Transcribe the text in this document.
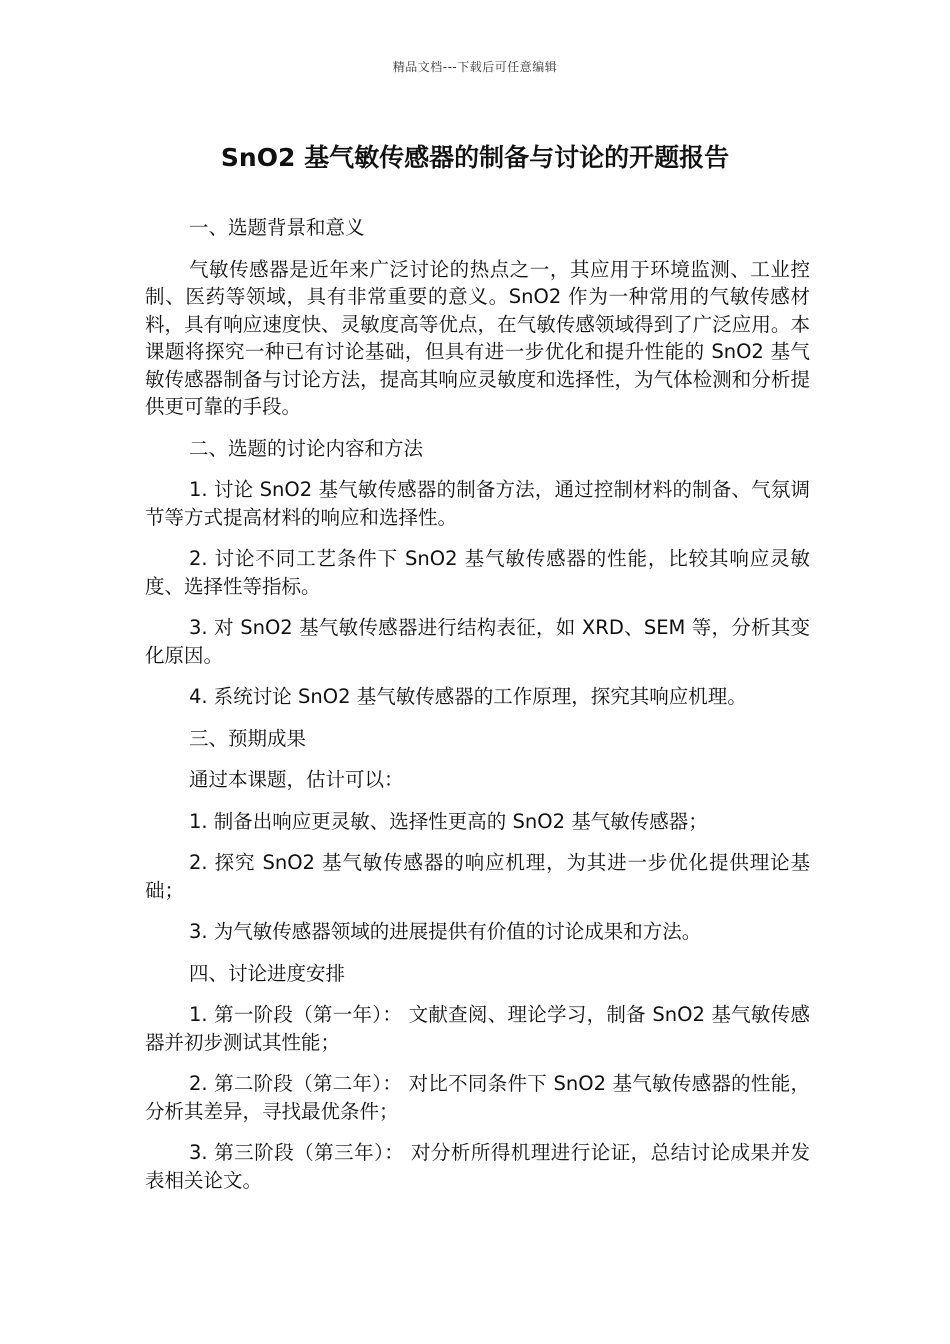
精品文档---下载后可任意编辑
SnO2 基气敏传感器的制备与讨论的开题报告

一、选题背景和意义

气敏传感器是近年来广泛讨论的热点之一，其应用于环境监测、工业控制、医药等领域，具有非常重要的意义。SnO2 作为一种常用的气敏传感材料，具有响应速度快、灵敏度高等优点，在气敏传感领域得到了广泛应用。本课题将探究一种已有讨论基础，但具有进一步优化和提升性能的 SnO2 基气敏传感器制备与讨论方法，提高其响应灵敏度和选择性，为气体检测和分析提供更可靠的手段。

二、选题的讨论内容和方法

1. 讨论 SnO2 基气敏传感器的制备方法，通过控制材料的制备、气氛调节等方式提高材料的响应和选择性。

2. 讨论不同工艺条件下 SnO2 基气敏传感器的性能，比较其响应灵敏度、选择性等指标。

3. 对 SnO2 基气敏传感器进行结构表征，如 XRD、SEM 等，分析其变化原因。

4. 系统讨论 SnO2 基气敏传感器的工作原理，探究其响应机理。

三、预期成果

通过本课题，估计可以：

1. 制备出响应更灵敏、选择性更高的 SnO2 基气敏传感器；

2. 探究 SnO2 基气敏传感器的响应机理，为其进一步优化提供理论基础；

3. 为气敏传感器领域的进展提供有价值的讨论成果和方法。

四、讨论进度安排

1. 第一阶段（第一年）： 文献查阅、理论学习，制备 SnO2 基气敏传感器并初步测试其性能；

2. 第二阶段（第二年）： 对比不同条件下 SnO2 基气敏传感器的性能，分析其差异，寻找最优条件；

3. 第三阶段（第三年）： 对分析所得机理进行论证，总结讨论成果并发表相关论文。
